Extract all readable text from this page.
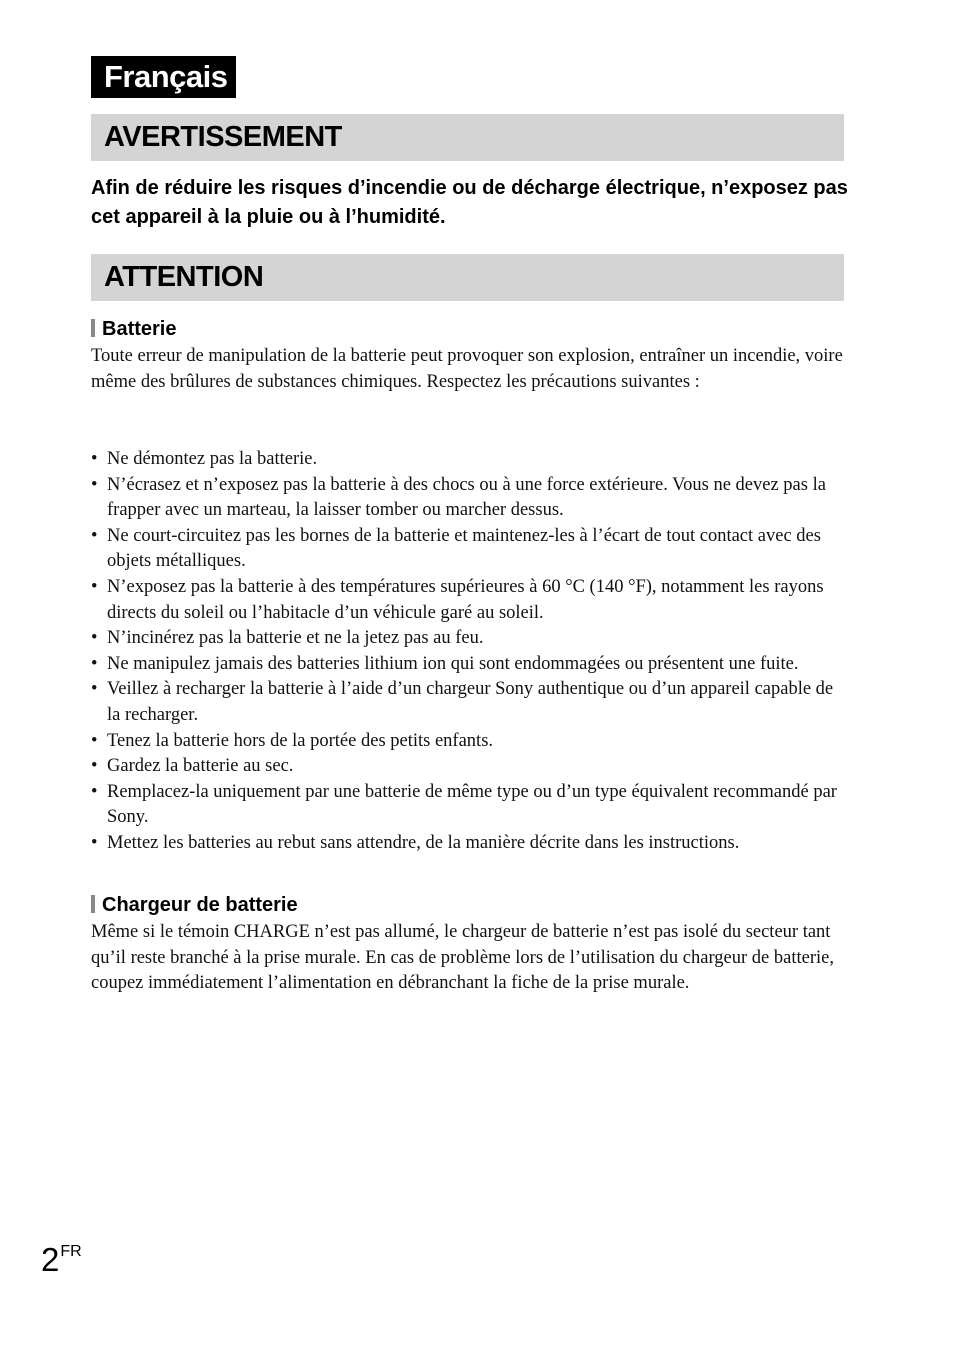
Français
AVERTISSEMENT
Afin de réduire les risques d’incendie ou de décharge électrique, n’exposez pas cet appareil à la pluie ou à l’humidité.
ATTENTION
Batterie
Toute erreur de manipulation de la batterie peut provoquer son explosion, entraîner un incendie, voire même des brûlures de substances chimiques. Respectez les précautions suivantes :
• Ne démontez pas la batterie.
• N’écrasez et n’exposez pas la batterie à des chocs ou à une force extérieure. Vous ne devez pas la frapper avec un marteau, la laisser tomber ou marcher dessus.
• Ne court-circuitez pas les bornes de la batterie et maintenez-les à l’écart de tout contact avec des objets métalliques.
• N’exposez pas la batterie à des températures supérieures à 60 °C (140 °F), notamment les rayons directs du soleil ou l’habitacle d’un véhicule garé au soleil.
• N’incinérez pas la batterie et ne la jetez pas au feu.
• Ne manipulez jamais des batteries lithium ion qui sont endommagées ou présentent une fuite.
• Veillez à recharger la batterie à l’aide d’un chargeur Sony authentique ou d’un appareil capable de la recharger.
• Tenez la batterie hors de la portée des petits enfants.
• Gardez la batterie au sec.
• Remplacez-la uniquement par une batterie de même type ou d’un type équivalent recommandé par Sony.
• Mettez les batteries au rebut sans attendre, de la manière décrite dans les instructions.
Chargeur de batterie
Même si le témoin CHARGE n’est pas allumé, le chargeur de batterie n’est pas isolé du secteur tant qu’il reste branché à la prise murale. En cas de problème lors de l’utilisation du chargeur de batterie, coupez immédiatement l’alimentation en débranchant la fiche de la prise murale.
$2^{FR}$
